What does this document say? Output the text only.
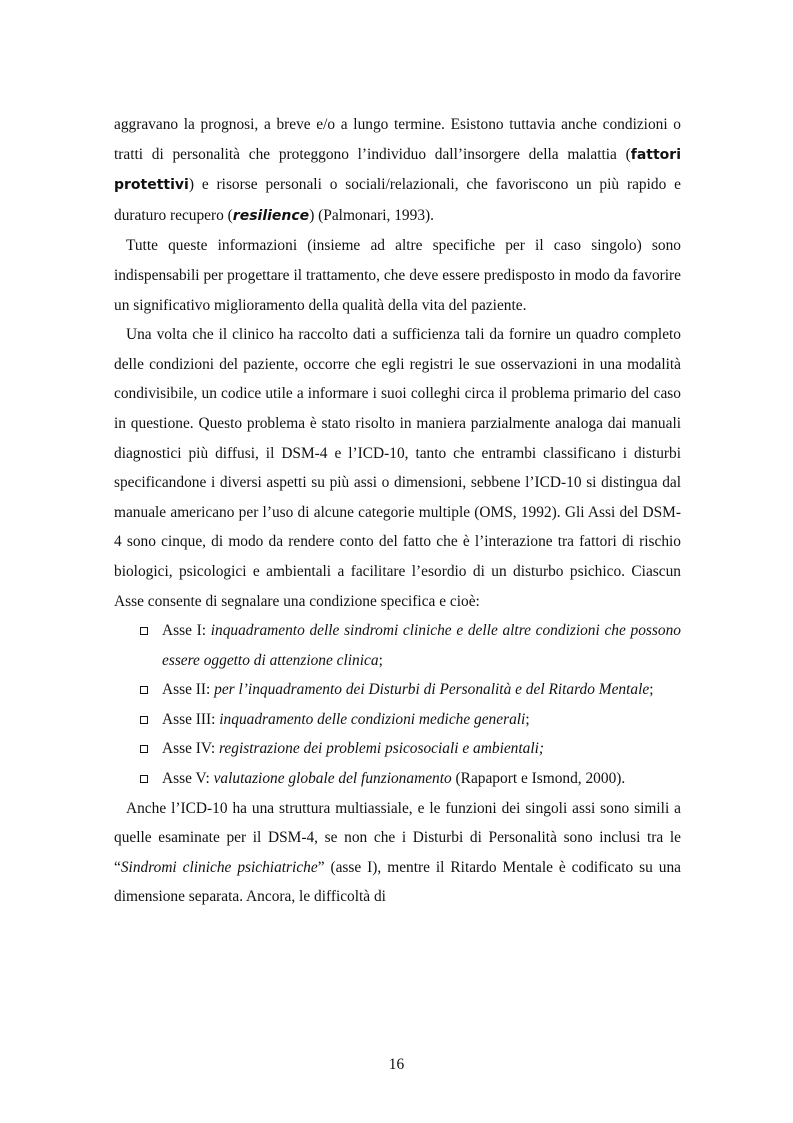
aggravano la prognosi, a breve e/o a lungo termine. Esistono tuttavia anche condizioni o tratti di personalità che proteggono l’individuo dall’insorgere della malattia (fattori protettivi) e risorse personali o sociali/relazionali, che favoriscono un più rapido e duraturo recupero (resilience) (Palmonari, 1993).

Tutte queste informazioni (insieme ad altre specifiche per il caso singolo) sono indispensabili per progettare il trattamento, che deve essere predisposto in modo da favorire un significativo miglioramento della qualità della vita del paziente.

Una volta che il clinico ha raccolto dati a sufficienza tali da fornire un quadro completo delle condizioni del paziente, occorre che egli registri le sue osservazioni in una modalità condivisibile, un codice utile a informare i suoi colleghi circa il problema primario del caso in questione. Questo problema è stato risolto in maniera parzialmente analoga dai manuali diagnostici più diffusi, il DSM-4 e l’ICD-10, tanto che entrambi classificano i disturbi specificandone i diversi aspetti su più assi o dimensioni, sebbene l’ICD-10 si distingua dal manuale americano per l’uso di alcune categorie multiple (OMS, 1992). Gli Assi del DSM-4 sono cinque, di modo da rendere conto del fatto che è l’interazione tra fattori di rischio biologici, psicologici e ambientali a facilitare l’esordio di un disturbo psichico. Ciascun Asse consente di segnalare una condizione specifica e cioè:

Asse I: inquadramento delle sindromi cliniche e delle altre condizioni che possono essere oggetto di attenzione clinica;
Asse II: per l’inquadramento dei Disturbi di Personalità e del Ritardo Mentale;
Asse III: inquadramento delle condizioni mediche generali;
Asse IV: registrazione dei problemi psicosociali e ambientali;
Asse V: valutazione globale del funzionamento (Rapaport e Ismond, 2000).

Anche l’ICD-10 ha una struttura multiassiale, e le funzioni dei singoli assi sono simili a quelle esaminate per il DSM-4, se non che i Disturbi di Personalità sono inclusi tra le “Sindromi cliniche psichiatriche” (asse I), mentre il Ritardo Mentale è codificato su una dimensione separata. Ancora, le difficoltà di

16
